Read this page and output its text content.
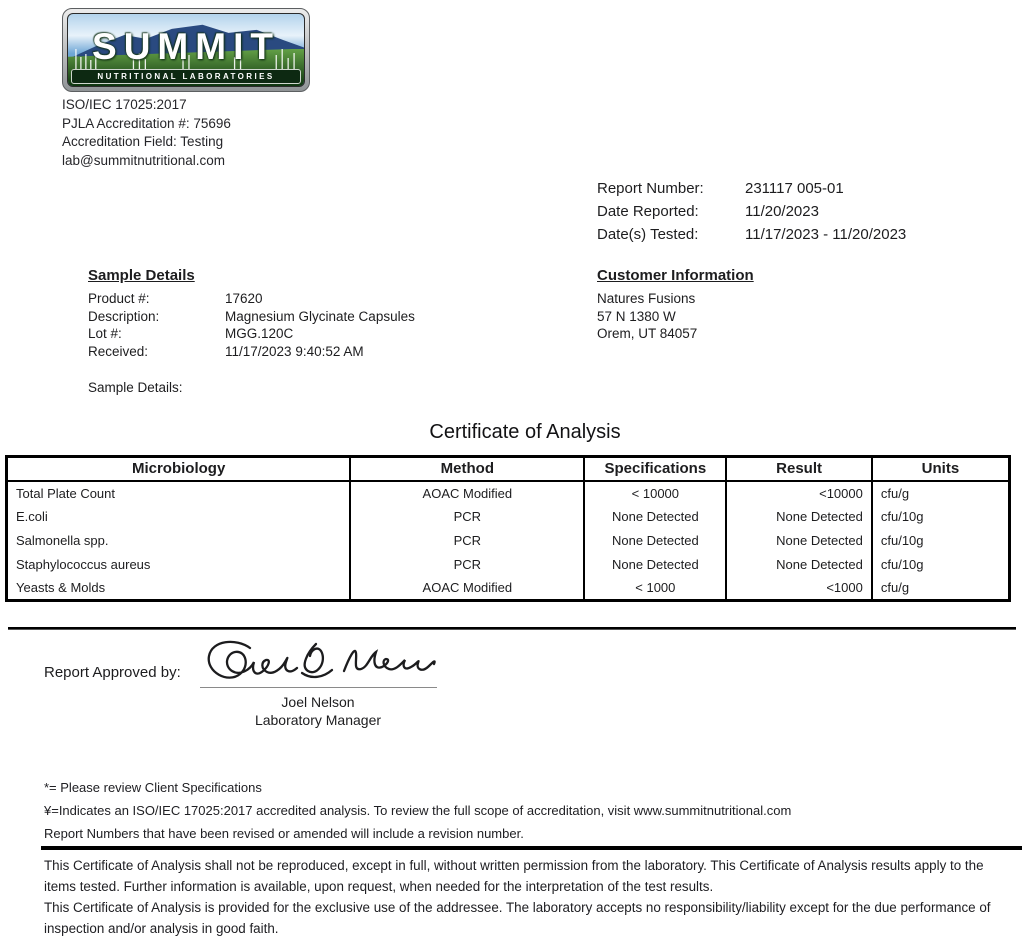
SUMMIT
NUTRITIONAL LABORATORIES
ISO/IEC 17025:2017
PJLA Accreditation #: 75696
Accreditation Field: Testing
lab@summitnutritional.com
Report Number:	231117 005-01
Date Reported:	11/20/2023
Date(s) Tested:	11/17/2023 - 11/20/2023
Sample Details
Product #:	17620
Description:	Magnesium Glycinate Capsules
Lot #:	MGG.120C
Received:	11/17/2023 9:40:52 AM
Sample Details:
Customer Information
Natures Fusions
57 N 1380 W
Orem, UT 84057
Certificate of Analysis
Microbiology	Method	Specifications	Result	Units
Total Plate Count	AOAC Modified	< 10000	<10000	cfu/g
E.coli	PCR	None Detected	None Detected	cfu/10g
Salmonella spp.	PCR	None Detected	None Detected	cfu/10g
Staphylococcus aureus	PCR	None Detected	None Detected	cfu/10g
Yeasts & Molds	AOAC Modified	< 1000	<1000	cfu/g
Report Approved by:
Joel Nelson
Laboratory Manager
*= Please review Client Specifications
¥=Indicates an ISO/IEC 17025:2017 accredited analysis. To review the full scope of accreditation, visit www.summitnutritional.com
Report Numbers that have been revised or amended will include a revision number.

This Certificate of Analysis shall not be reproduced, except in full, without written permission from the laboratory. This Certificate of Analysis results apply to the items tested. Further information is available, upon request, when needed for the interpretation of the test results.

This Certificate of Analysis is provided for the exclusive use of the addressee. The laboratory accepts no responsibility/liability except for the due performance of inspection and/or analysis in good faith.
